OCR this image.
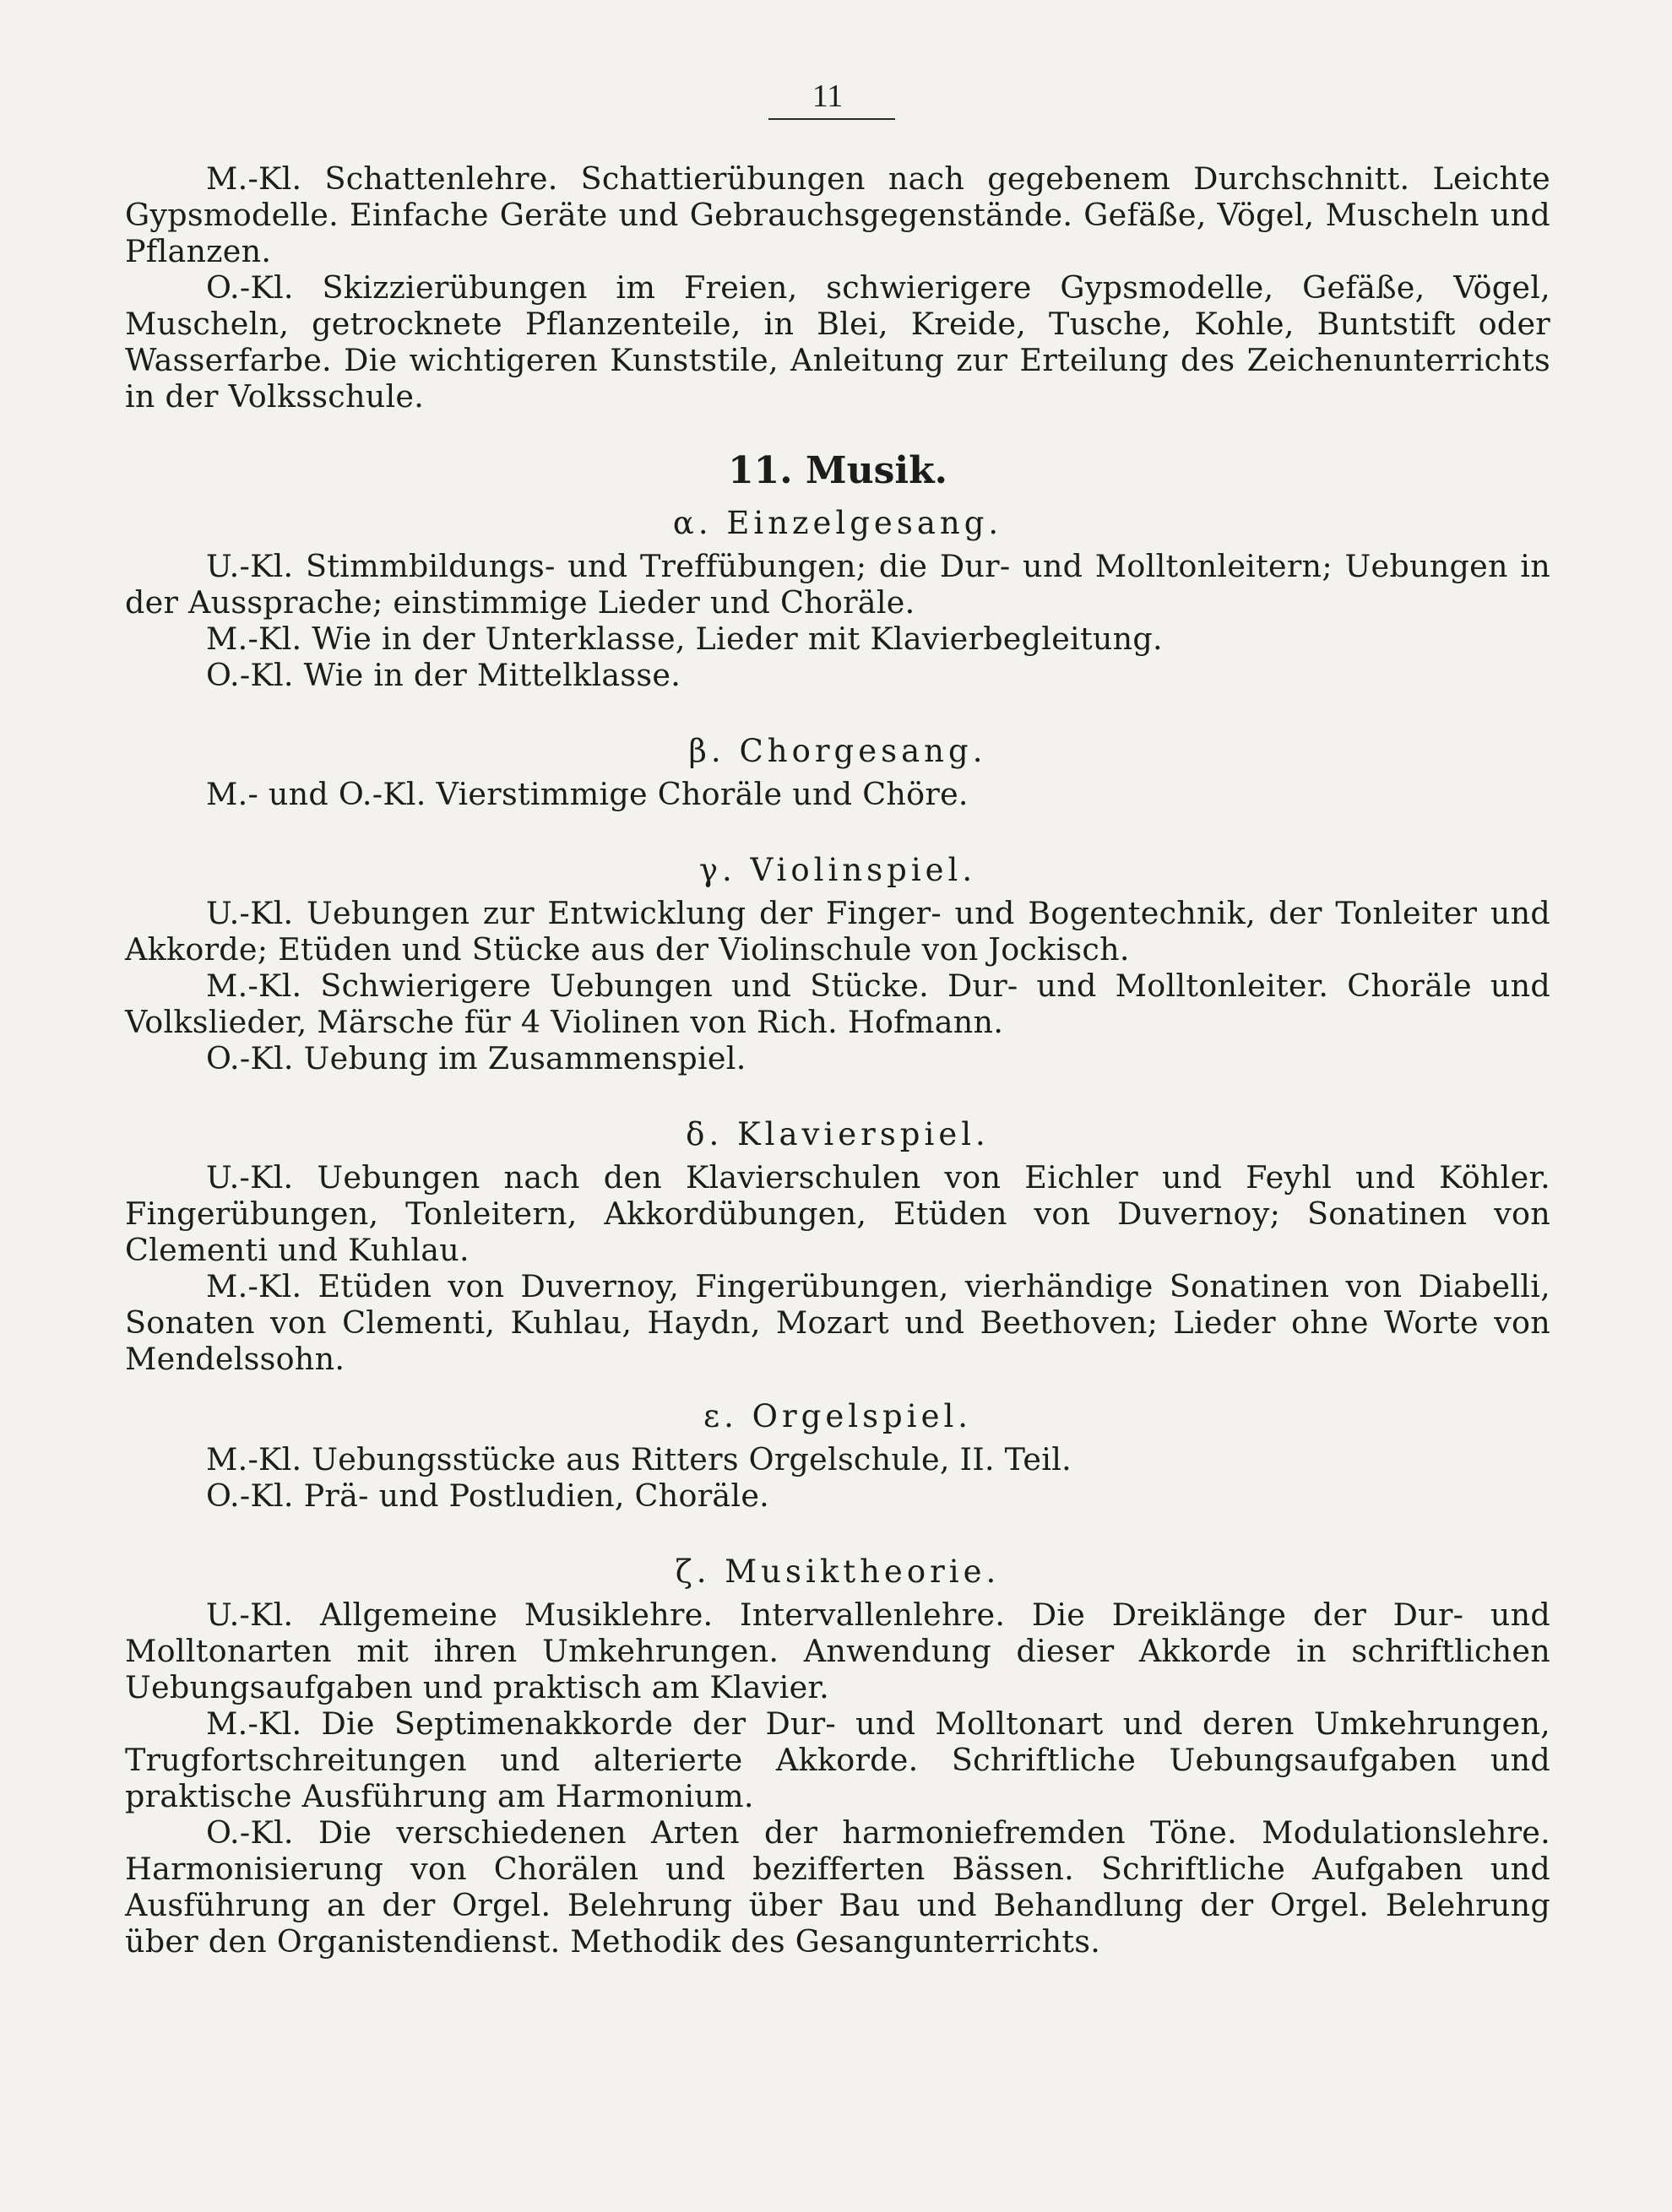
11

M.-Kl. Schattenlehre. Schattierübungen nach gegebenem Durchschnitt. Leichte Gypsmodelle. Einfache Geräte und Gebrauchsgegenstände. Gefäße, Vögel, Muscheln und Pflanzen.

O.-Kl. Skizzierübungen im Freien, schwierigere Gypsmodelle, Gefäße, Vögel, Muscheln, getrocknete Pflanzenteile, in Blei, Kreide, Tusche, Kohle, Buntstift oder Wasserfarbe. Die wichtigeren Kunststile, Anleitung zur Erteilung des Zeichenunterrichts in der Volksschule.

11. Musik.
α. Einzelgesang.

U.-Kl. Stimmbildungs- und Treffübungen; die Dur- und Molltonleitern; Uebungen in der Aussprache; einstimmige Lieder und Choräle.

M.-Kl. Wie in der Unterklasse, Lieder mit Klavierbegleitung.

O.-Kl. Wie in der Mittelklasse.

β. Chorgesang.

M.- und O.-Kl. Vierstimmige Choräle und Chöre.

γ. Violinspiel.

U.-Kl. Uebungen zur Entwicklung der Finger- und Bogentechnik, der Tonleiter und Akkorde; Etüden und Stücke aus der Violinschule von Jockisch.

M.-Kl. Schwierigere Uebungen und Stücke. Dur- und Molltonleiter. Choräle und Volkslieder, Märsche für 4 Violinen von Rich. Hofmann.

O.-Kl. Uebung im Zusammenspiel.

δ. Klavierspiel.

U.-Kl. Uebungen nach den Klavierschulen von Eichler und Feyhl und Köhler. Fingerübungen, Tonleitern, Akkordübungen, Etüden von Duvernoy; Sonatinen von Clementi und Kuhlau.

M.-Kl. Etüden von Duvernoy, Fingerübungen, vierhändige Sonatinen von Diabelli, Sonaten von Clementi, Kuhlau, Haydn, Mozart und Beethoven; Lieder ohne Worte von Mendelssohn.

ε. Orgelspiel.

M.-Kl. Uebungsstücke aus Ritters Orgelschule, II. Teil.

O.-Kl. Prä- und Postludien, Choräle.

ζ. Musiktheorie.

U.-Kl. Allgemeine Musiklehre. Intervallenlehre. Die Dreiklänge der Dur- und Molltonarten mit ihren Umkehrungen. Anwendung dieser Akkorde in schriftlichen Uebungsaufgaben und praktisch am Klavier.

M.-Kl. Die Septimenakkorde der Dur- und Molltonart und deren Umkehrungen, Trugfortschreitungen und alterierte Akkorde. Schriftliche Uebungsaufgaben und praktische Ausführung am Harmonium.

O.-Kl. Die verschiedenen Arten der harmoniefremden Töne. Modulationslehre. Harmonisierung von Chorälen und bezifferten Bässen. Schriftliche Aufgaben und Ausführung an der Orgel. Belehrung über Bau und Behandlung der Orgel. Belehrung über den Organistendienst. Methodik des Gesangunterrichts.
